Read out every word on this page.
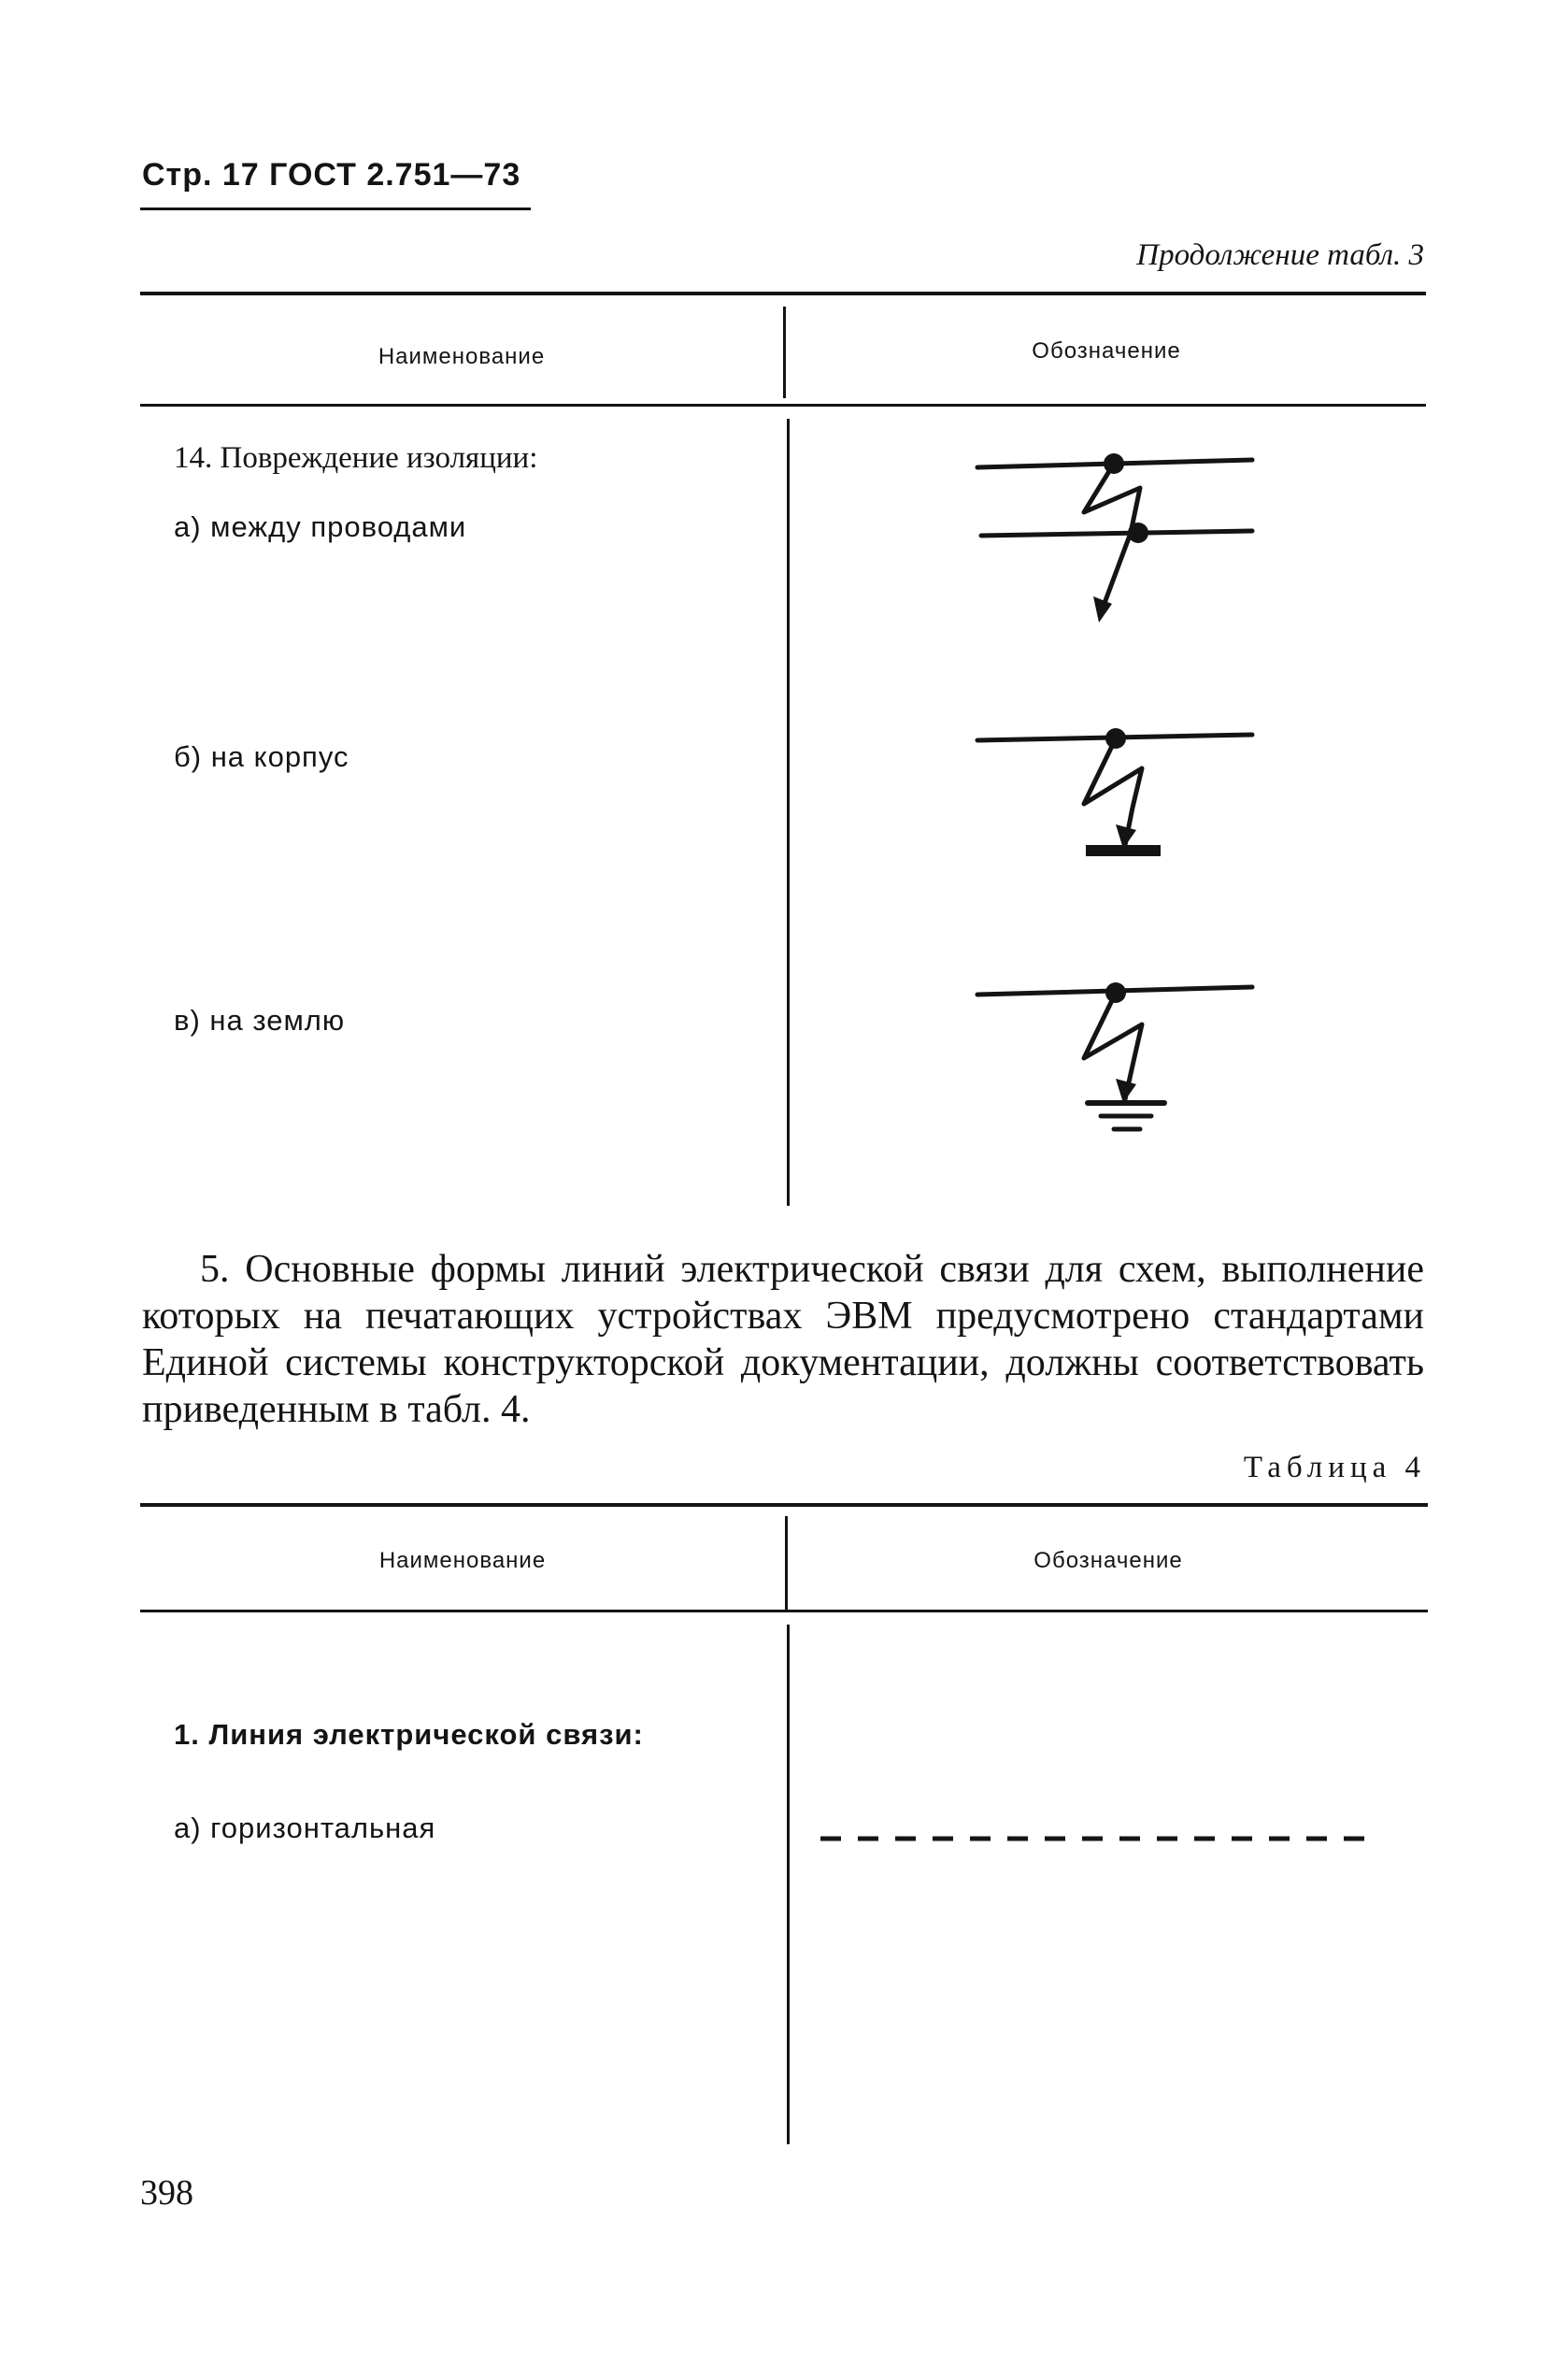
Стр. 17 ГОСТ 2.751—73
Продолжение табл. 3
Наименование	Обозначение
14. Повреждение изоляции:
а) между проводами
б) на корпус
в) на землю
5. Основные формы линий электрической связи для схем, выполнение которых на печатающих устройствах ЭВМ предусмотрено стандартами Единой системы конструкторской документации, должны соответствовать приведенным в табл. 4.
Таблица 4
Наименование	Обозначение
1. Линия электрической связи:
а) горизонтальная
398
